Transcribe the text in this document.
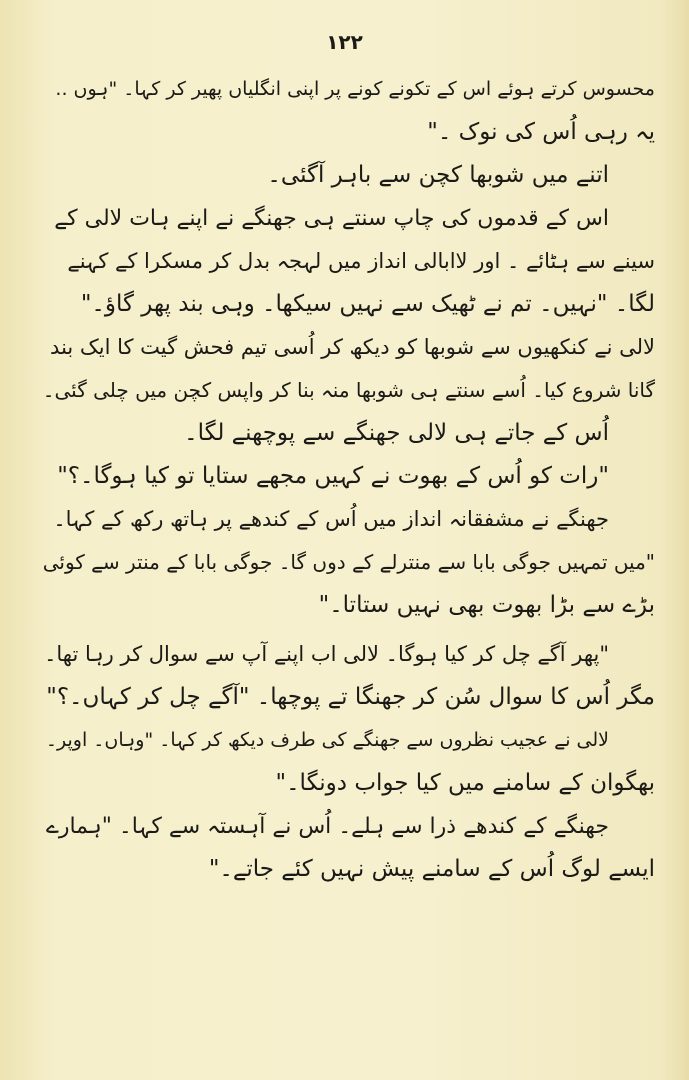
۱۲۲
محسوس کرتے ہوئے اس کے تکونے کونے پر اپنی انگلیاں پھیر کر کہا۔ "ہوں ..
یہ رہی اُس کی نوک ۔"
اتنے میں شوبھا کچن سے باہر آگئی۔
اس کے قدموں کی چاپ سنتے ہی جھنگے نے اپنے ہات لالی کے
سینے سے ہٹائے ۔ اور لاابالی انداز میں لہجہ بدل کر مسکرا کے کہنے
لگا۔ "نہیں۔ تم نے ٹھیک سے نہیں سیکھا۔ وہی بند پھر گاؤ۔"
لالی نے کنکھیوں سے شوبھا کو دیکھ کر اُسی تیم فحش گیت کا ایک بند
گانا شروع کیا۔ اُسے سنتے ہی شوبھا منہ بنا کر واپس کچن میں چلی گئی۔
اُس کے جاتے ہی لالی جھنگے سے پوچھنے لگا۔
"رات کو اُس کے بھوت نے کہیں مجھے ستایا تو کیا ہوگا۔؟"
جھنگے نے مشفقانہ انداز میں اُس کے کندھے پر ہاتھ رکھ کے کہا۔
"میں تمہیں جوگی بابا سے منترلے کے دوں گا۔ جوگی بابا کے منتر سے کوئی
بڑے سے بڑا بھوت بھی نہیں ستاتا۔"
"پھر آگے چل کر کیا ہوگا۔ لالی اب اپنے آپ سے سوال کر رہا تھا۔
مگر اُس کا سوال سُن کر جھنگا تے پوچھا۔ "آگے چل کر کہاں۔؟"
لالی نے عجیب نظروں سے جھنگے کی طرف دیکھ کر کہا۔ "وہاں۔ اوپر۔
بھگوان کے سامنے میں کیا جواب دونگا۔"
جھنگے کے کندھے ذرا سے ہلے۔ اُس نے آہستہ سے کہا۔ "ہمارے
ایسے لوگ اُس کے سامنے پیش نہیں کئے جاتے۔"
